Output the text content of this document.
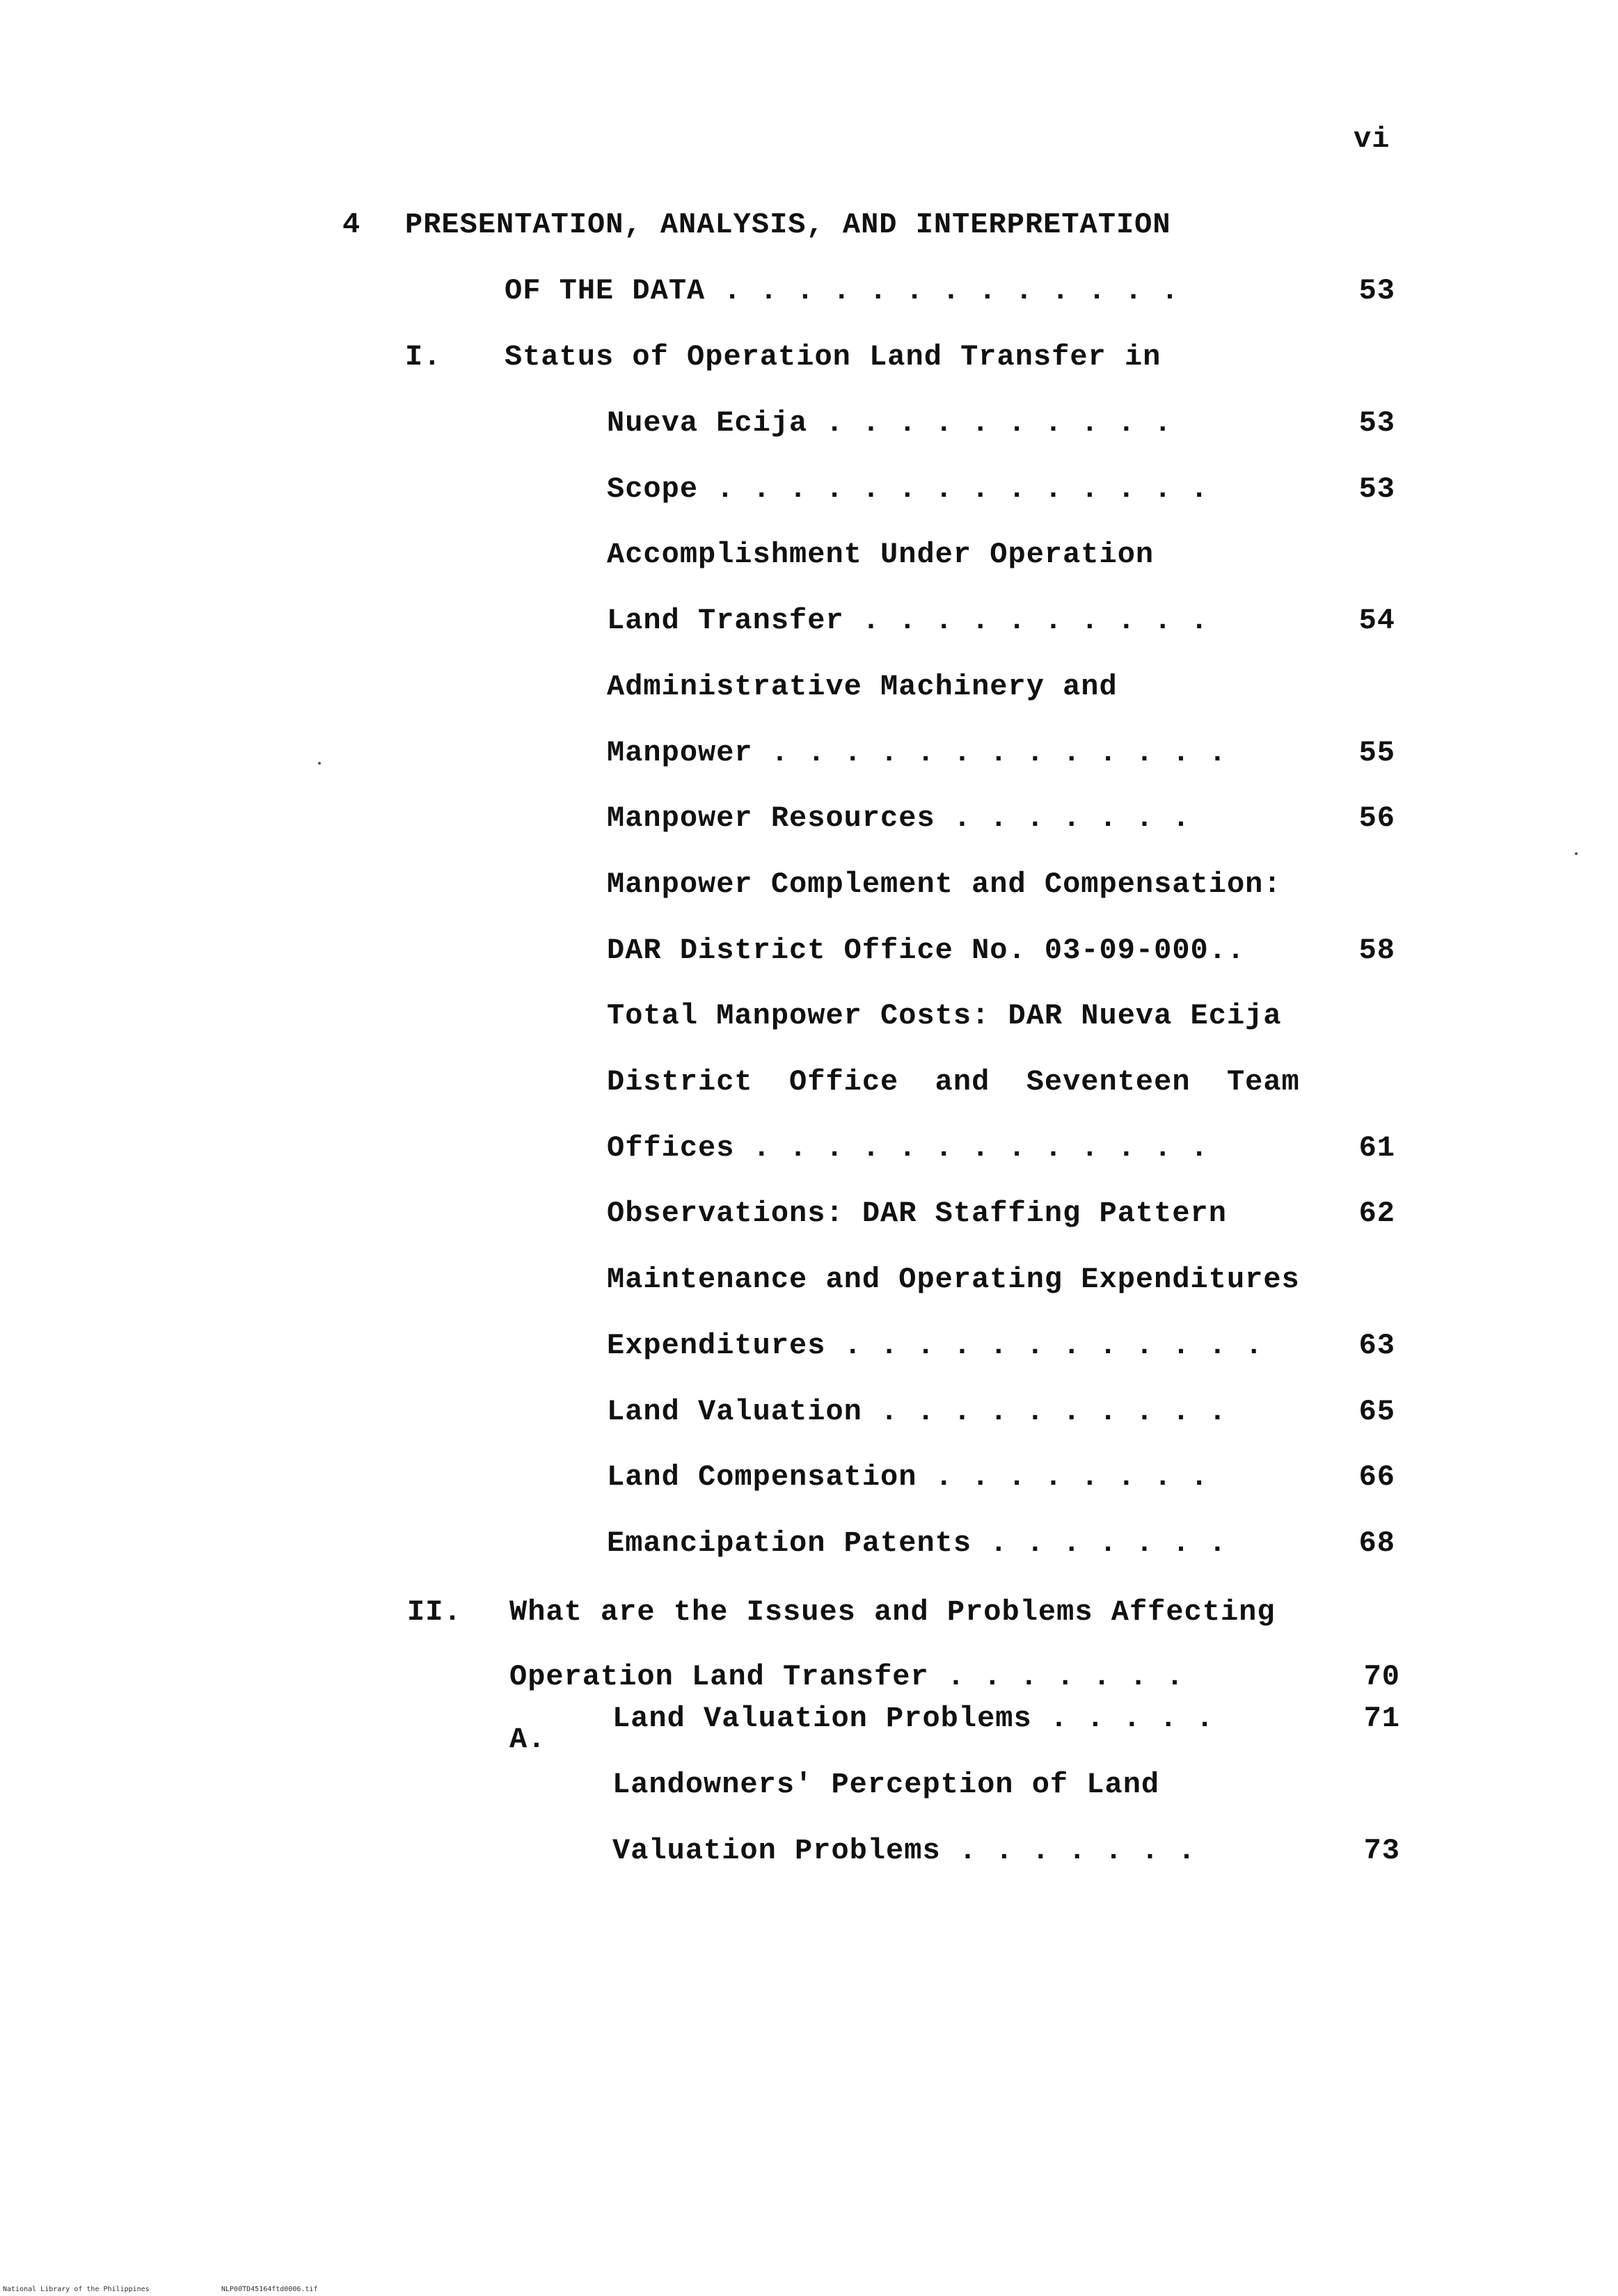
vi
4 PRESENTATION, ANALYSIS, AND INTERPRETATION
OF THE DATA . . . . . . . . . . . . .	53
I. Status of Operation Land Transfer in
Nueva Ecija . . . . . . . . . .	53
Scope . . . . . . . . . . . . . .	53
Accomplishment Under Operation
Land Transfer . . . . . . . . . .	54
Administrative Machinery and
Manpower . . . . . . . . . . . . .	55
Manpower Resources . . . . . . .	56
Manpower Complement and Compensation:
DAR District Office No. 03-09-000..	58
Total Manpower Costs: DAR Nueva Ecija
District  Office  and  Seventeen  Team
Offices . . . . . . . . . . . . .	61
Observations: DAR Staffing Pattern	62
Maintenance and Operating Expenditures
Expenditures . . . . . . . . . . . .	63
Land Valuation . . . . . . . . . .	65
Land Compensation . . . . . . . .	66
Emancipation Patents . . . . . . .	68
II. What are the Issues and Problems Affecting
Operation Land Transfer . . . . . . .	70
A.
Land Valuation Problems . . . . .	71
Landowners' Perception of Land
Valuation Problems . . . . . . .	73
National Library of the Philippines	NLP00TD45164ftd0006.tif
